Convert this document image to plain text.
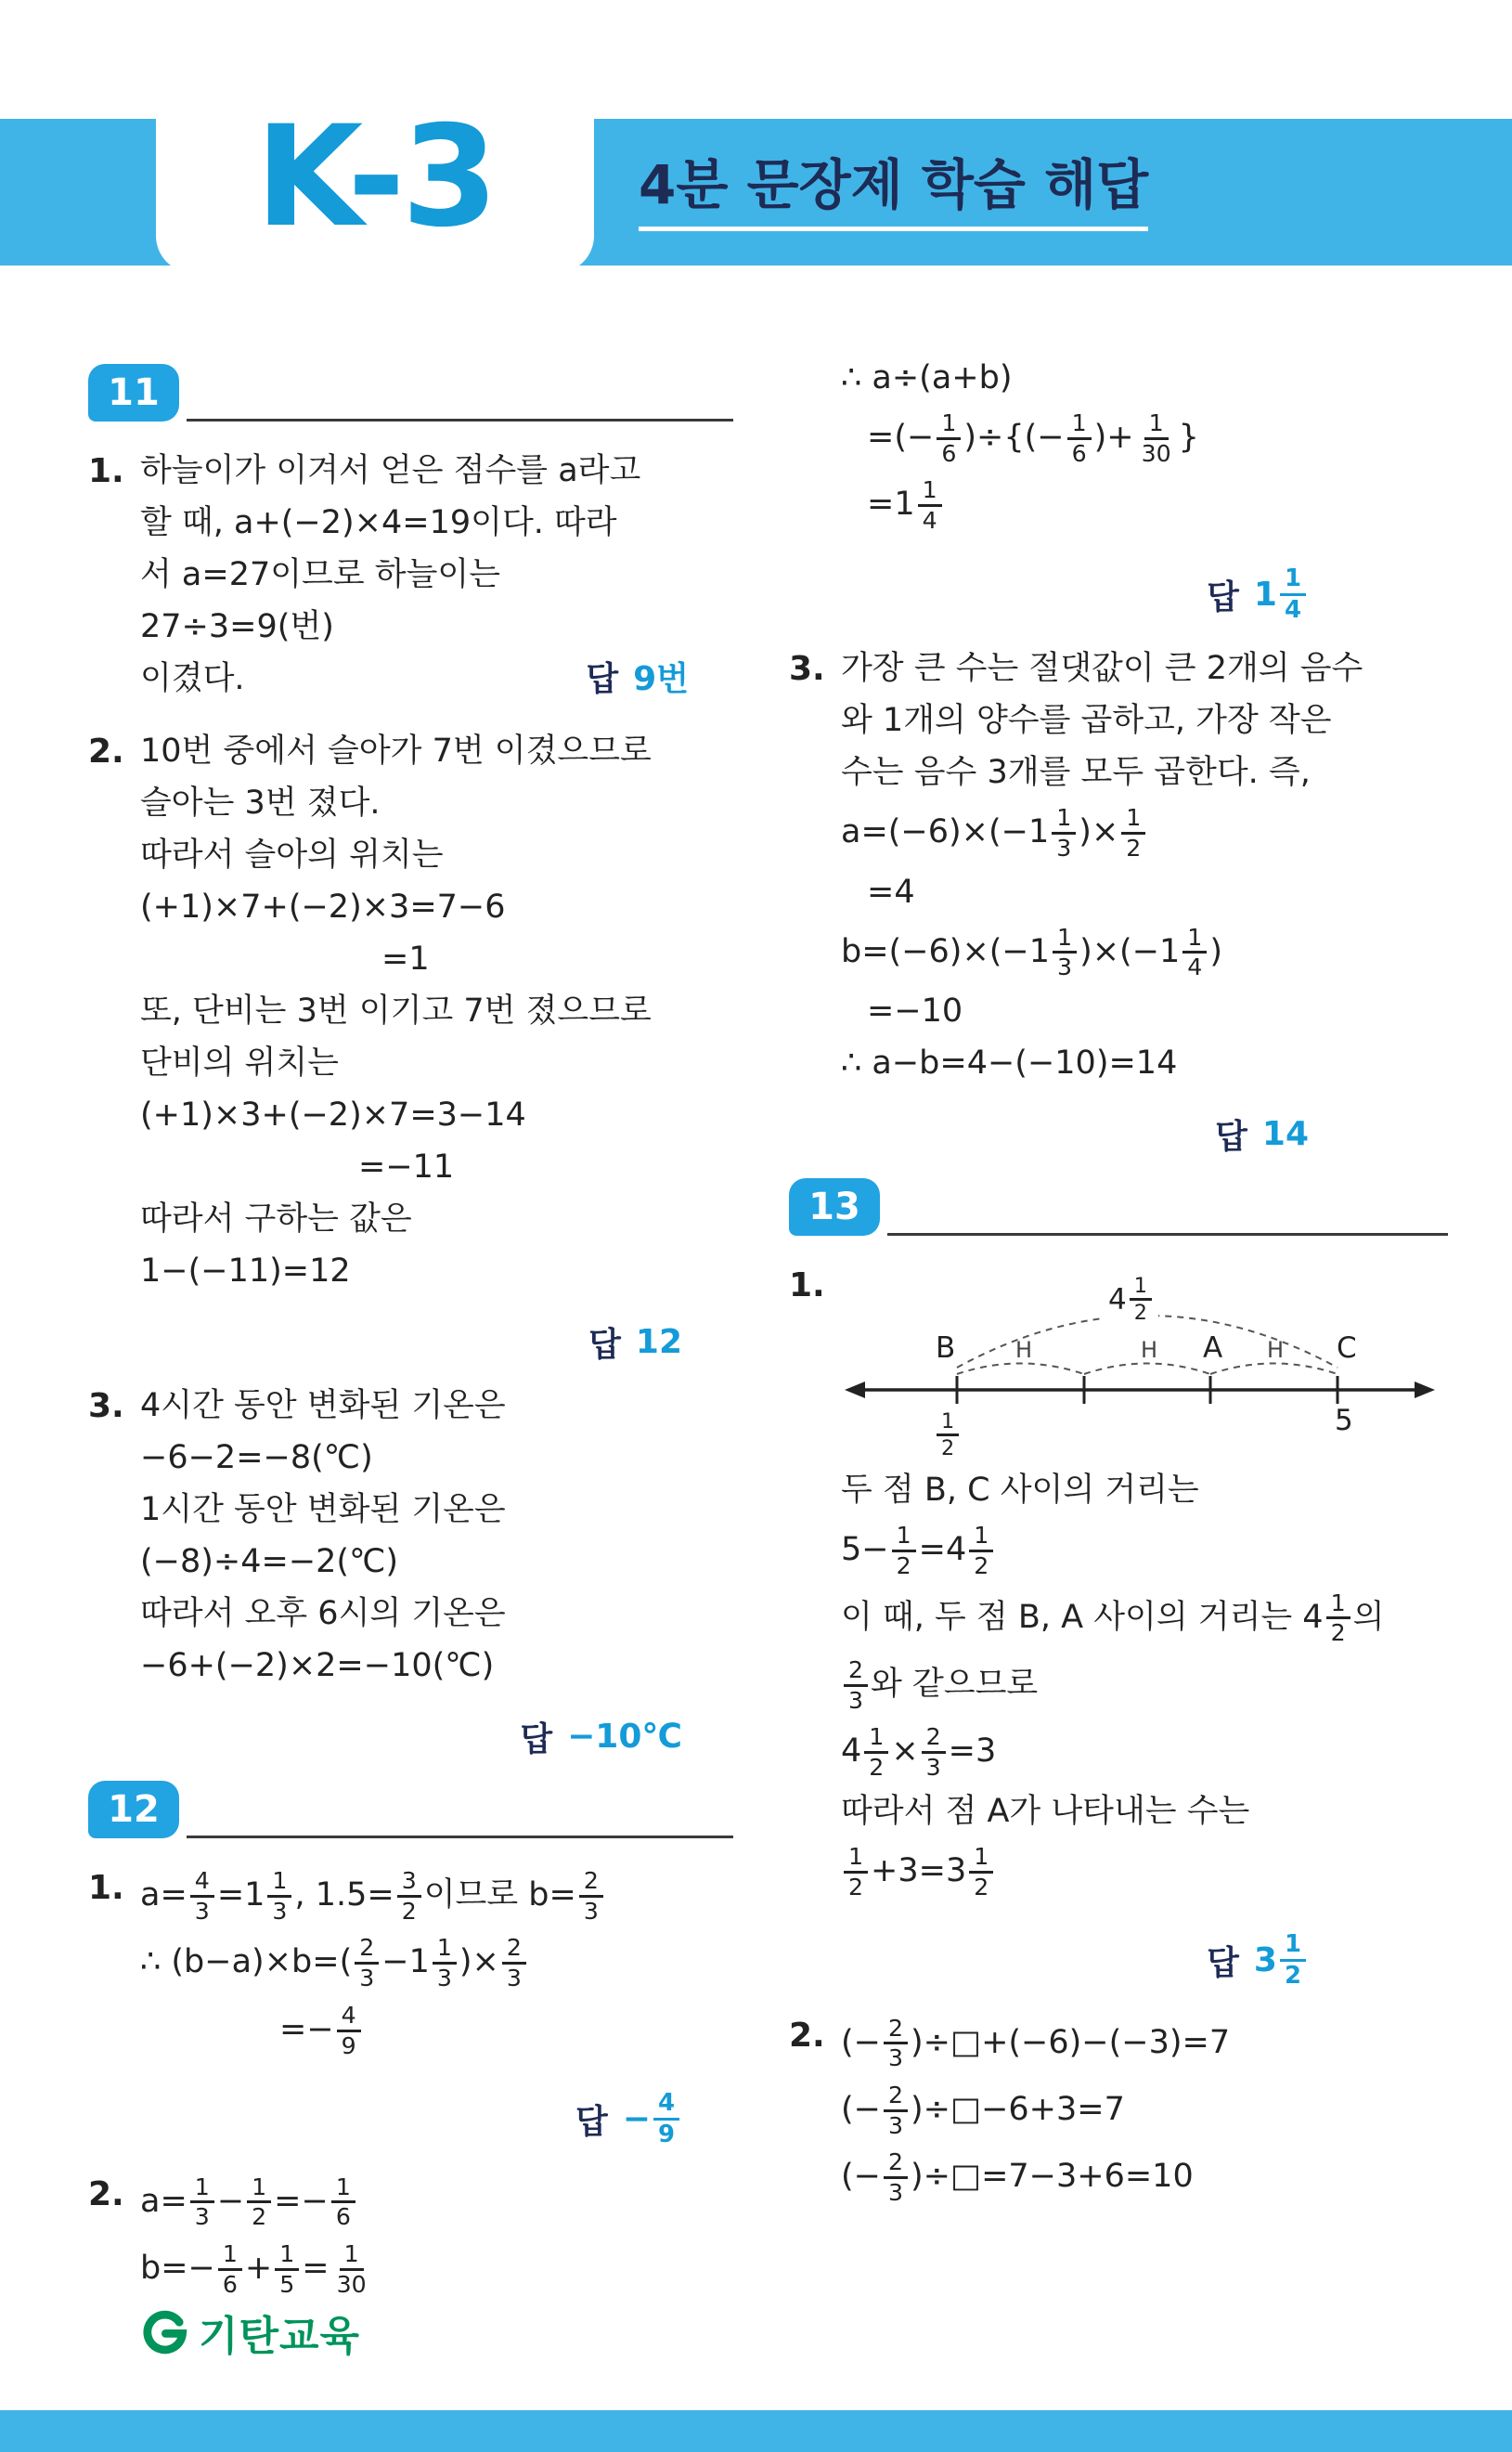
K-3	4분 문장제 학습 해답
11
1. 하늘이가 이겨서 얻은 점수를 a라고
할 때, a+(−2)×4=19이다. 따라
서 a=27이므로 하늘이는
27÷3=9(번)
이겼다.	답 9번
2. 10번 중에서 슬아가 7번 이겼으므로
슬아는 3번 졌다.
따라서 슬아의 위치는
(+1)×7+(−2)×3=7−6
=1
또, 단비는 3번 이기고 7번 졌으므로
단비의 위치는
(+1)×3+(−2)×7=3−14
=−11
따라서 구하는 값은
1−(−11)=12
답 12
3. 4시간 동안 변화된 기온은
−6−2=−8(℃)
1시간 동안 변화된 기온은
(−8)÷4=−2(℃)
따라서 오후 6시의 기온은
−6+(−2)×2=−10(℃)
답 −10℃
12
1. $a= \frac{4}{3} =1 \frac{1}{3}$ , $1.5= \frac{3}{2}$ 이므로 $b= \frac{2}{3}$
∴ $(b-a)\times b=( \frac{2}{3} -1 \frac{1}{3}$ )× $\frac{2}{3}$
=− $\frac{4}{9}$
답 − $\frac{4}{9}$
2. $a= \frac{1}{3} - \frac{1}{2} =- \frac{1}{6}$
$b=- \frac{1}{6} + \frac{1}{5} = \frac{1}{30}$
∴ a÷(a+b)
=(− $\frac{1}{6}$ )÷{(− $\frac{1}{6}$ )+ $\frac{1}{30}$ }
$=1 \frac{1}{4}$
답 $1 \frac{1}{4}$
3. 가장 큰 수는 절댓값이 큰 2개의 음수
와 1개의 양수를 곱하고, 가장 작은
수는 음수 3개를 모두 곱한다. 즉,
$a=(-6)\times(-1 \frac{1}{3}$ )× $\frac{1}{2}$
=4
$b=(-6)\times(-1 \frac{1}{3} )\times(-1 \frac{1}{4}$ )
=−10
∴ a−b=4−(−10)=14
답 14
13
1.	$4 \frac{1}{2}$
B	A	C
H	H	H
$\frac{1}{2}$	5
두 점 B, C 사이의 거리는
$5- \frac{1}{2} =4 \frac{1}{2}$
이 때, 두 점 B, A 사이의 거리는 $4 \frac{1}{2}$ 의
$\frac{2}{3}$ 와 같으므로
$4 \frac{1}{2} \times \frac{2}{3} =3$
따라서 점 A가 나타내는 수는
$\frac{1}{2} +3=3 \frac{1}{2}$
답 $3 \frac{1}{2}$
2. (− $\frac{2}{3}$ )÷□+(−6)−(−3)=7
(− $\frac{2}{3}$ )÷□−6+3=7
(− $\frac{2}{3}$ )÷□=7−3+6=10
기탄교육
